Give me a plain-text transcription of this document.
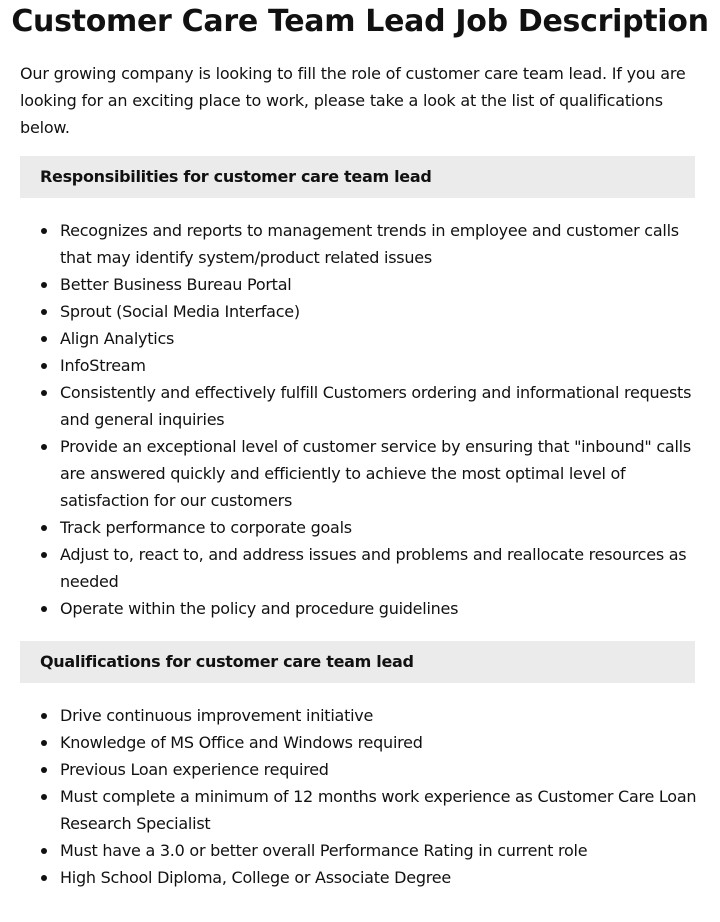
Customer Care Team Lead Job Description

Our growing company is looking to fill the role of customer care team lead. If you are looking for an exciting place to work, please take a look at the list of qualifications below.

Responsibilities for customer care team lead
Recognizes and reports to management trends in employee and customer calls that may identify system/product related issues
Better Business Bureau Portal
Sprout (Social Media Interface)
Align Analytics
InfoStream
Consistently and effectively fulfill Customers ordering and informational requests and general inquiries
Provide an exceptional level of customer service by ensuring that "inbound" calls are answered quickly and efficiently to achieve the most optimal level of satisfaction for our customers
Track performance to corporate goals
Adjust to, react to, and address issues and problems and reallocate resources as needed
Operate within the policy and procedure guidelines
Qualifications for customer care team lead
Drive continuous improvement initiative
Knowledge of MS Office and Windows required
Previous Loan experience required
Must complete a minimum of 12 months work experience as Customer Care Loan Research Specialist
Must have a 3.0 or better overall Performance Rating in current role
High School Diploma, College or Associate Degree
